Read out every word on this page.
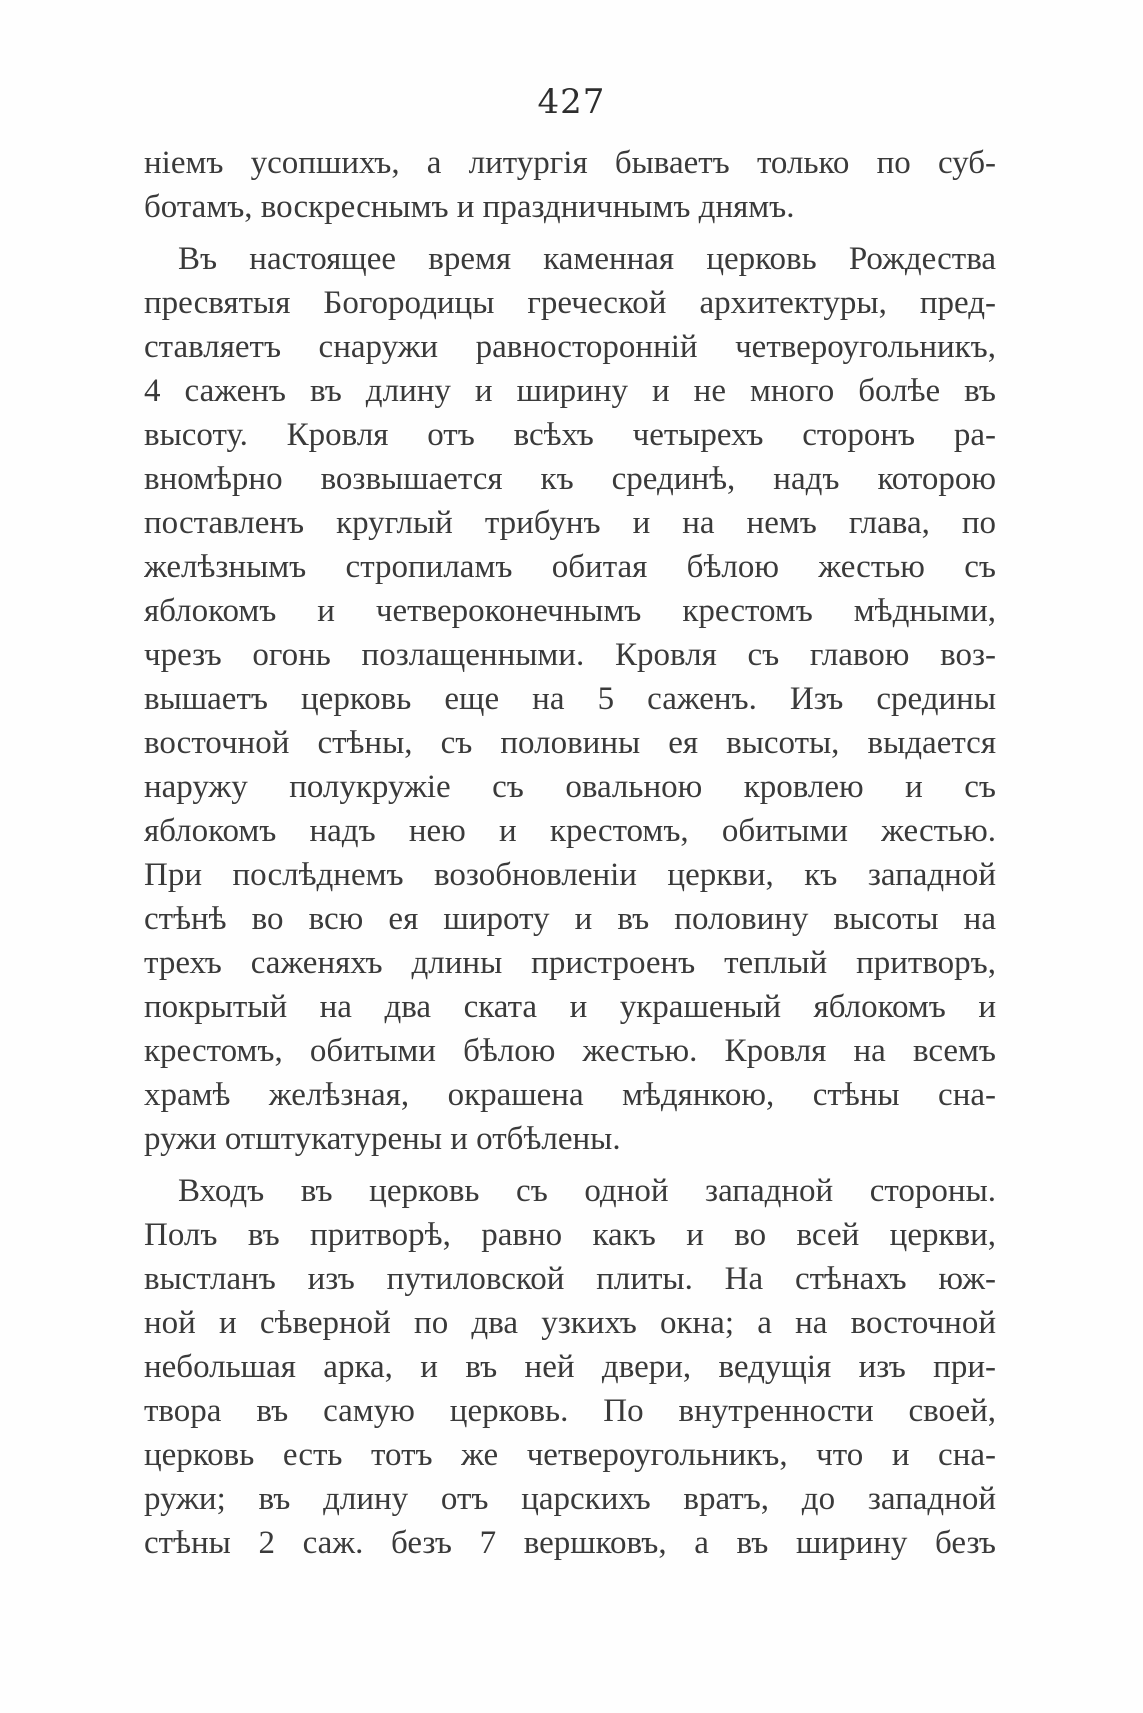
427
ніемъ усопшихъ, а литургія бываетъ только по суб-
ботамъ, воскреснымъ и праздничнымъ днямъ.
Въ настоящее время каменная церковь Рождества
пресвятыя Богородицы греческой архитектуры, пред-
ставляетъ снаружи равносторонній четвероугольникъ,
4 саженъ въ длину и ширину и не много болѣе въ
высоту. Кровля отъ всѣхъ четырехъ сторонъ ра-
вномѣрно возвышается къ срединѣ, надъ которою
поставленъ круглый трибунъ и на немъ глава, по
желѣзнымъ стропиламъ обитая бѣлою жестью съ
яблокомъ и четвероконечнымъ крестомъ мѣдными,
чрезъ огонь позлащенными. Кровля съ главою воз-
вышаетъ церковь еще на 5 саженъ. Изъ средины
восточной стѣны, съ половины ея высоты, выдается
наружу полукружіе съ овальною кровлею и съ
яблокомъ надъ нею и крестомъ, обитыми жестью.
При послѣднемъ возобновленіи церкви, къ западной
стѣнѣ во всю ея широту и въ половину высоты на
трехъ саженяхъ длины пристроенъ теплый притворъ,
покрытый на два ската и украшеный яблокомъ и
крестомъ, обитыми бѣлою жестью. Кровля на всемъ
храмѣ желѣзная, окрашена мѣдянкою, стѣны сна-
ружи отштукатурены и отбѣлены.
Входъ въ церковь съ одной западной стороны.
Полъ въ притворѣ, равно какъ и во всей церкви,
выстланъ изъ путиловской плиты. На стѣнахъ юж-
ной и сѣверной по два узкихъ окна; а на восточной
небольшая арка, и въ ней двери, ведущія изъ при-
твора въ самую церковь. По внутренности своей,
церковь есть тотъ же четвероугольникъ, что и сна-
ружи; въ длину отъ царскихъ вратъ, до западной
стѣны 2 саж. безъ 7 вершковъ, а въ ширину безъ
